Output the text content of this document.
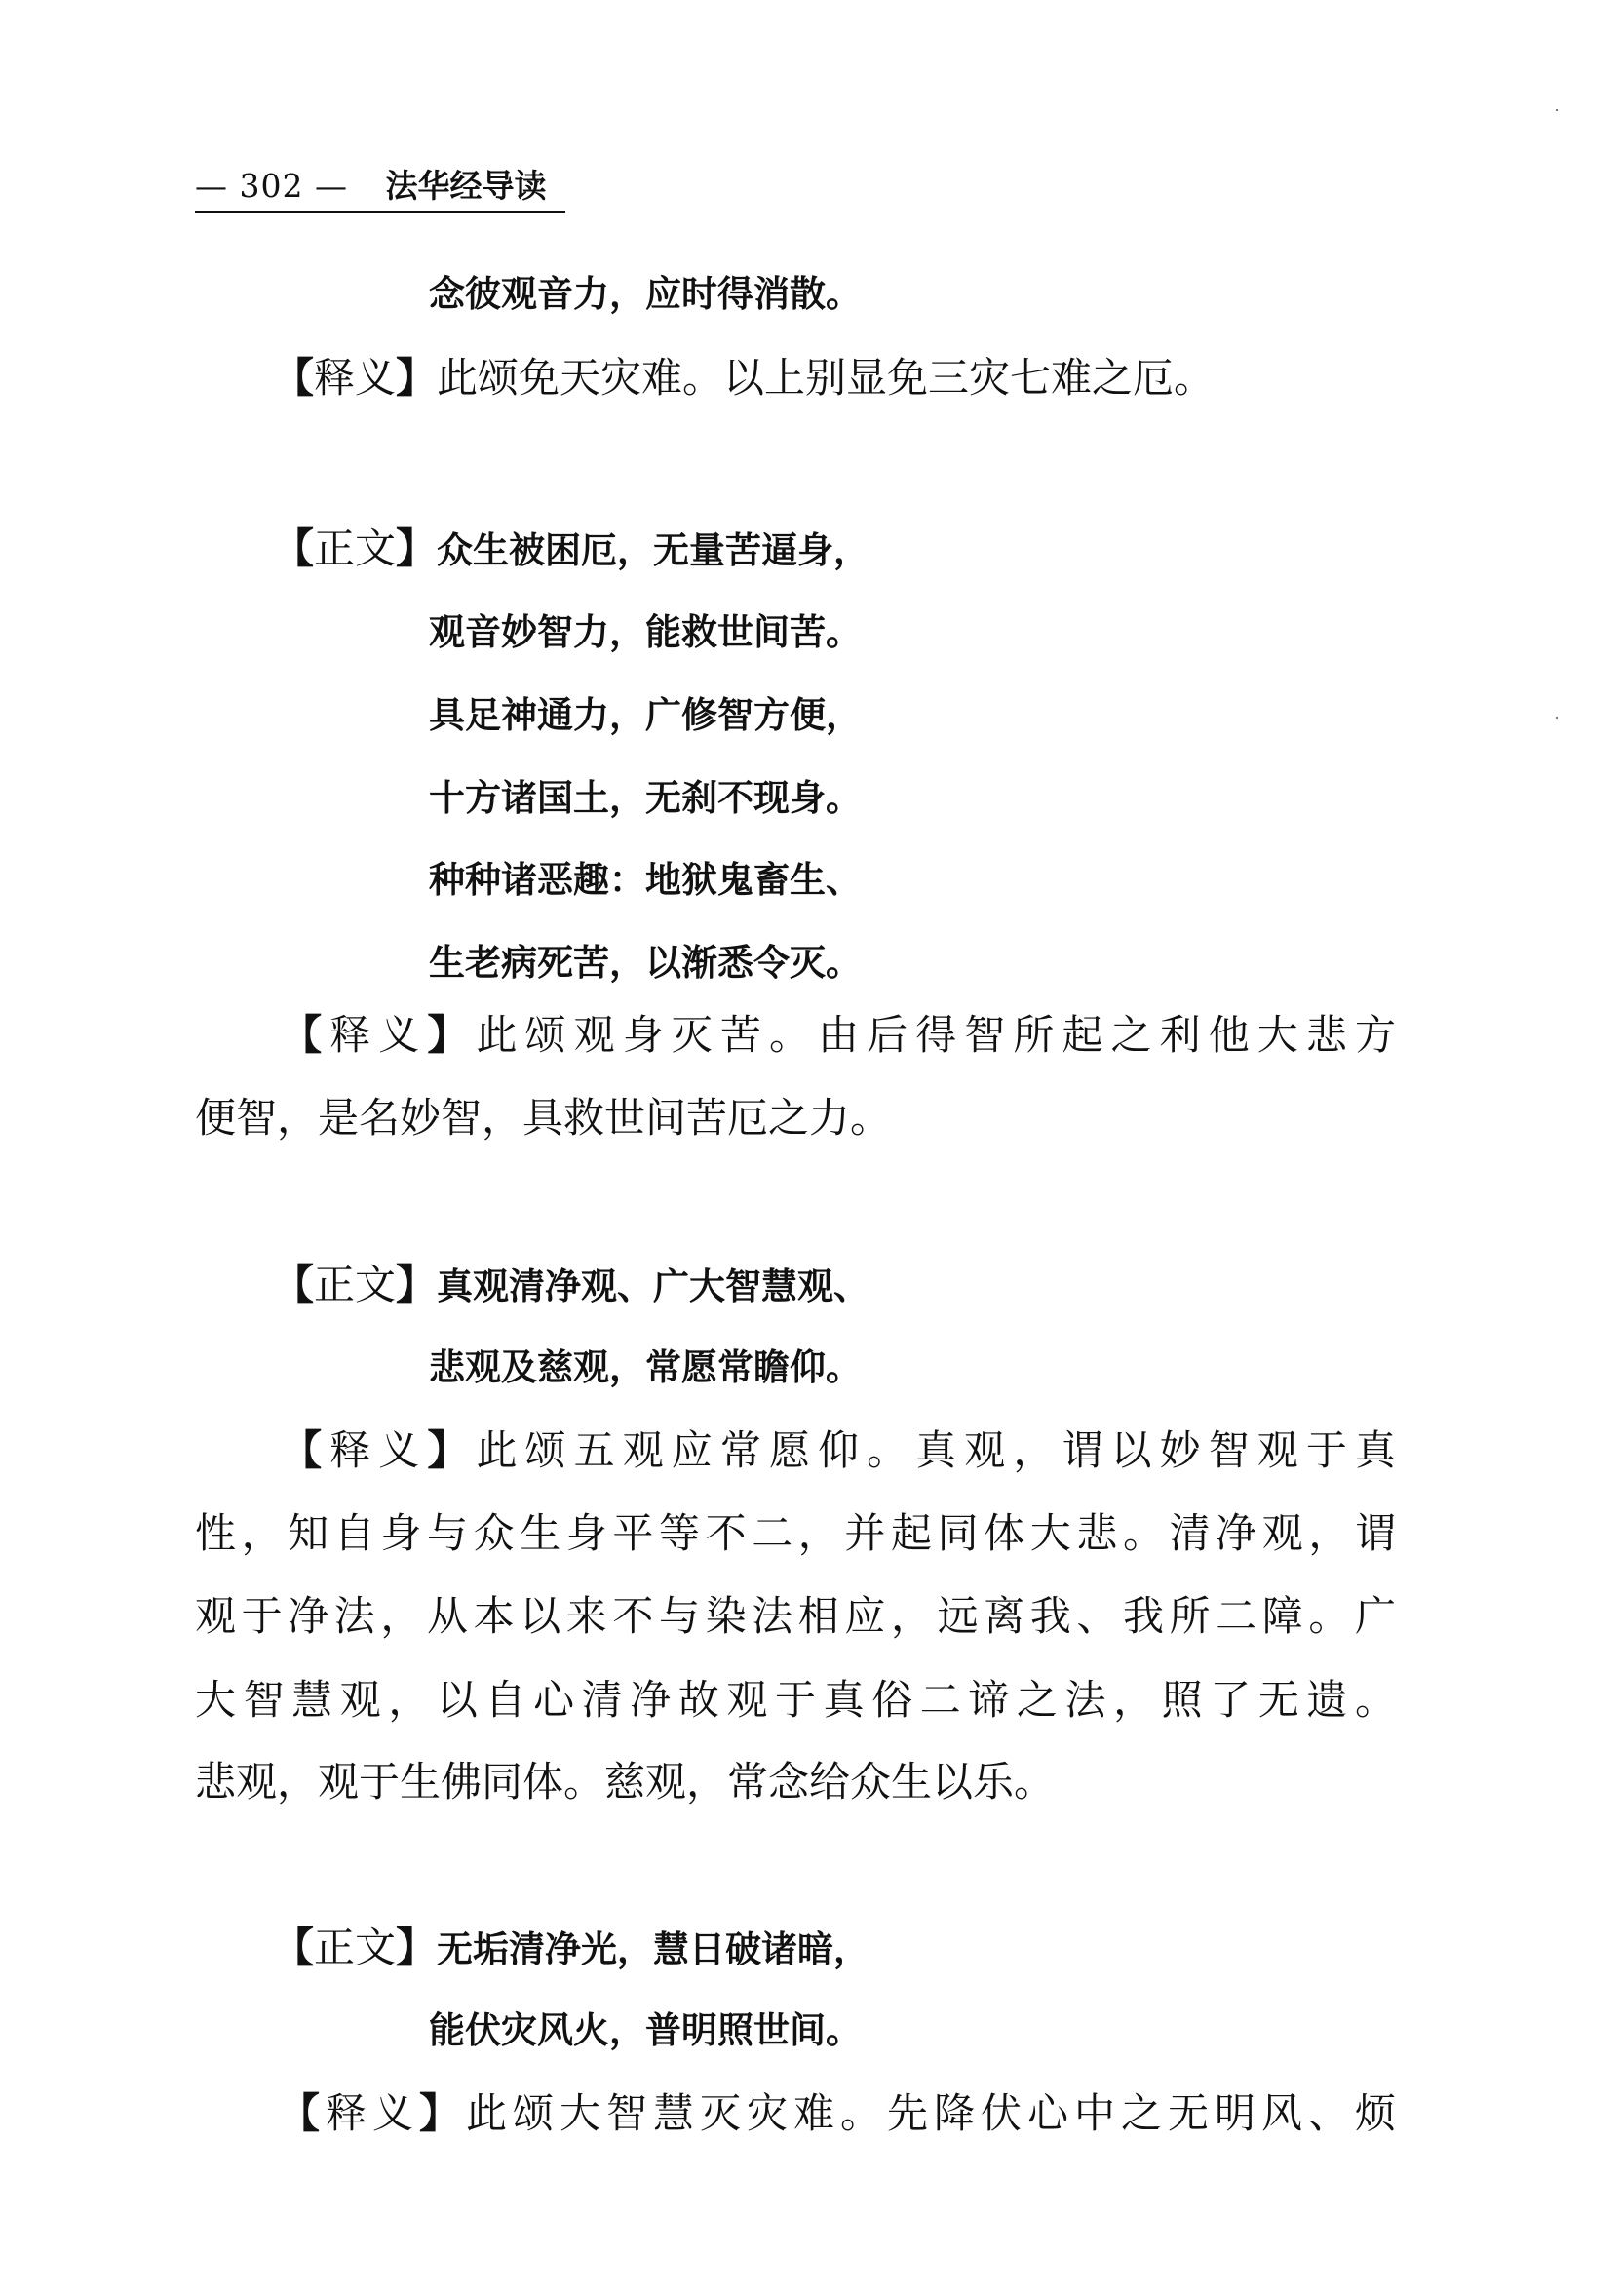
— 302 — 法华经导读
念彼观音力，应时得消散。
【释义】此颂免天灾难。以上别显免三灾七难之厄。
【正文】众生被困厄，无量苦逼身，
观音妙智力，能救世间苦。
具足神通力，广修智方便，
十方诸国土，无刹不现身。
种种诸恶趣：地狱鬼畜生、
生老病死苦，以渐悉令灭。
【释义】此颂观身灭苦。由后得智所起之利他大悲方
便智，是名妙智，具救世间苦厄之力。
【正文】真观清净观、广大智慧观、
悲观及慈观，常愿常瞻仰。
【释义】此颂五观应常愿仰。真观，谓以妙智观于真
性，知自身与众生身平等不二，并起同体大悲。清净观，谓
观于净法，从本以来不与染法相应，远离我、我所二障。广
大智慧观，以自心清净故观于真俗二谛之法，照了无遗。
悲观，观于生佛同体。慈观，常念给众生以乐。
【正文】无垢清净光，慧日破诸暗，
能伏灾风火，普明照世间。
【释义】此颂大智慧灭灾难。先降伏心中之无明风、烦
